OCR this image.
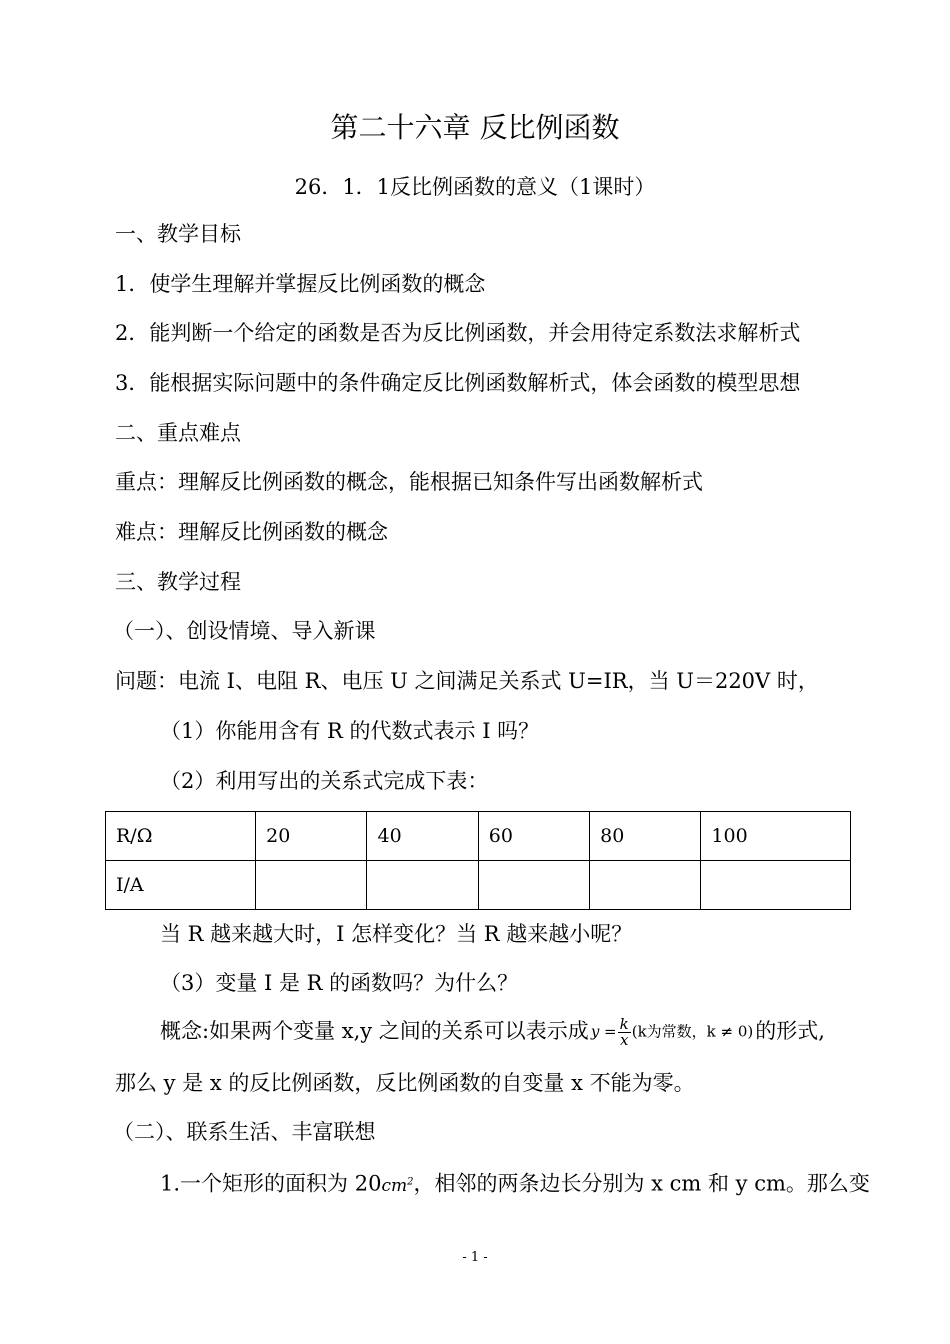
第二十六章 反比例函数
26．1．1反比例函数的意义（1课时）
一、教学目标
1．使学生理解并掌握反比例函数的概念
2．能判断一个给定的函数是否为反比例函数，并会用待定系数法求解析式
3．能根据实际问题中的条件确定反比例函数解析式，体会函数的模型思想
二、重点难点
重点：理解反比例函数的概念，能根据已知条件写出函数解析式
难点：理解反比例函数的概念
三、教学过程
（一）、创设情境、导入新课
问题：电流 I、电阻 R、电压 U 之间满足关系式 U=IR，当 U＝220V 时，
（1）你能用含有 R 的代数式表示 I 吗？
（2）利用写出的关系式完成下表：
R/Ω	20	40	60	80	100
I/A					
当 R 越来越大时，I 怎样变化？当 R 越来越小呢？
（3）变量 I 是 R 的函数吗？为什么？
概念:如果两个变量 x,y 之间的关系可以表示成 $y = \frac{k}{x} (k$为常数，k ≠ 0)的形式,
那么 y 是 x 的反比例函数，反比例函数的自变量 x 不能为零。
（二）、联系生活、丰富联想
1.一个矩形的面积为 $20cm^2$，相邻的两条边长分别为 x cm 和 y cm。那么变
- 1 -
